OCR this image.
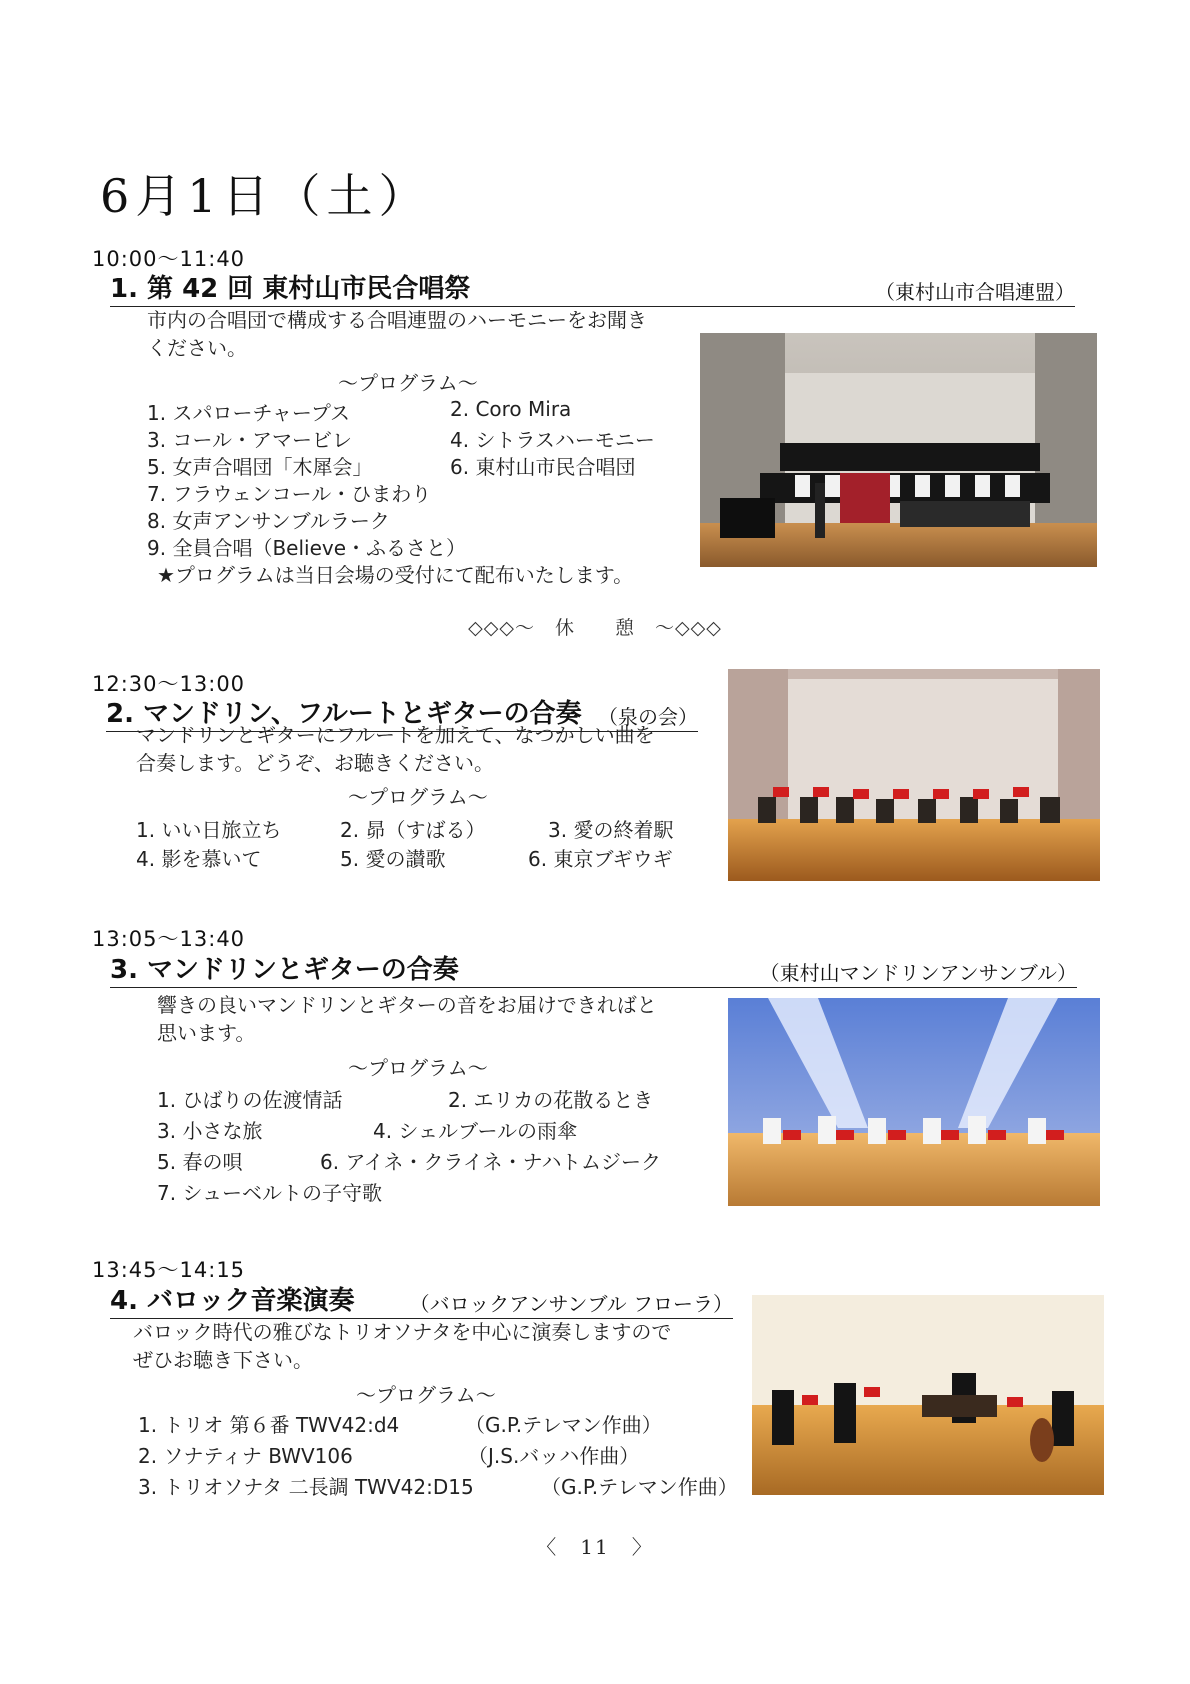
6月1日（土）
10:00～11:40
1. 第 42 回 東村山市民合唱祭	（東村山市合唱連盟）
市内の合唱団で構成する合唱連盟のハーモニーをお聞き
ください。
～プログラム～
1. スパローチャープス	2. Coro Mira
3. コール・アマービレ	4. シトラスハーモニー
5. 女声合唱団「木犀会」	6. 東村山市民合唱団
7. フラウェンコール・ひまわり
8. 女声アンサンブルラーク
9. 全員合唱（Believe・ふるさと）
★プログラムは当日会場の受付にて配布いたします。
◇◇◇～　休　　憩　～◇◇◇
12:30～13:00
2. マンドリン、フルートとギターの合奏 （泉の会）
マンドリンとギターにフルートを加えて、なつかしい曲を
合奏します。どうぞ、お聴きください。
～プログラム～
1. いい日旅立ち	2. 昴（すばる）	3. 愛の終着駅
4. 影を慕いて	5. 愛の讃歌	6. 東京ブギウギ
13:05～13:40
3. マンドリンとギターの合奏	（東村山マンドリンアンサンブル）
響きの良いマンドリンとギターの音をお届けできればと
思います。
～プログラム～
1. ひばりの佐渡情話	2. エリカの花散るとき
3. 小さな旅	4. シェルブールの雨傘
5. 春の唄	6. アイネ・クライネ・ナハトムジーク
7. シューベルトの子守歌
13:45～14:15
4. バロック音楽演奏	（バロックアンサンブル フローラ）
バロック時代の雅びなトリオソナタを中心に演奏しますので
ぜひお聴き下さい。
～プログラム～
1. トリオ 第６番 TWV42:d4	（G.P.テレマン作曲）
2. ソナティナ BWV106	（J.S.バッハ作曲）
3. トリオソナタ 二長調 TWV42:D15	（G.P.テレマン作曲）
〈　11　〉
